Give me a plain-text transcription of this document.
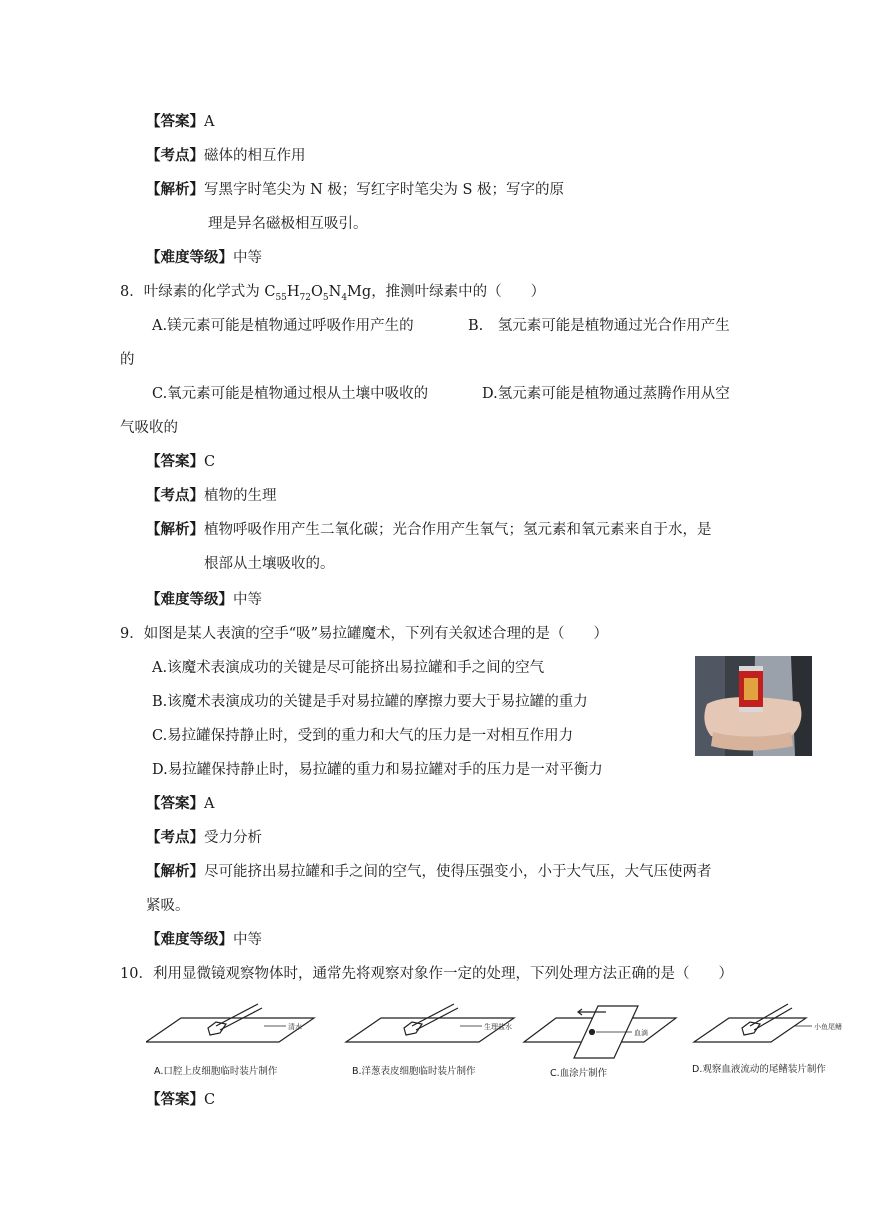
【答案】A
【考点】磁体的相互作用
【解析】写黑字时笔尖为 N 极；写红字时笔尖为 S 极；写字的原
理是异名磁极相互吸引。
【难度等级】中等
8．叶绿素的化学式为 $C_{55}H_{72}O_5N_4Mg$，推测叶绿素中的（　　）
A.镁元素可能是植物通过呼吸作用产生的	B.　氢元素可能是植物通过光合作用产生
的
C.氧元素可能是植物通过根从土壤中吸收的	D.氢元素可能是植物通过蒸腾作用从空
气吸收的
【答案】C
【考点】植物的生理
【解析】植物呼吸作用产生二氧化碳；光合作用产生氧气；氢元素和氧元素来自于水，是
根部从土壤吸收的。
【难度等级】中等
9．如图是某人表演的空手“吸”易拉罐魔术，下列有关叙述合理的是（　　）
A.该魔术表演成功的关键是尽可能挤出易拉罐和手之间的空气
B.该魔术表演成功的关键是手对易拉罐的摩擦力要大于易拉罐的重力
C.易拉罐保持静止时，受到的重力和大气的压力是一对相互作用力
D.易拉罐保持静止时，易拉罐的重力和易拉罐对手的压力是一对平衡力
【答案】A
【考点】受力分析
【解析】尽可能挤出易拉罐和手之间的空气，使得压强变小，小于大气压，大气压使两者
紧吸。
【难度等级】中等
10．利用显微镜观察物体时，通常先将观察对象作一定的处理，下列处理方法正确的是（　　）
清水
A.口腔上皮细胞临时装片制作
生理盐水
B.洋葱表皮细胞临时装片制作
血滴
C.血涂片制作
小鱼尾鳍
D.观察血液流动的尾鳍装片制作
【答案】C
